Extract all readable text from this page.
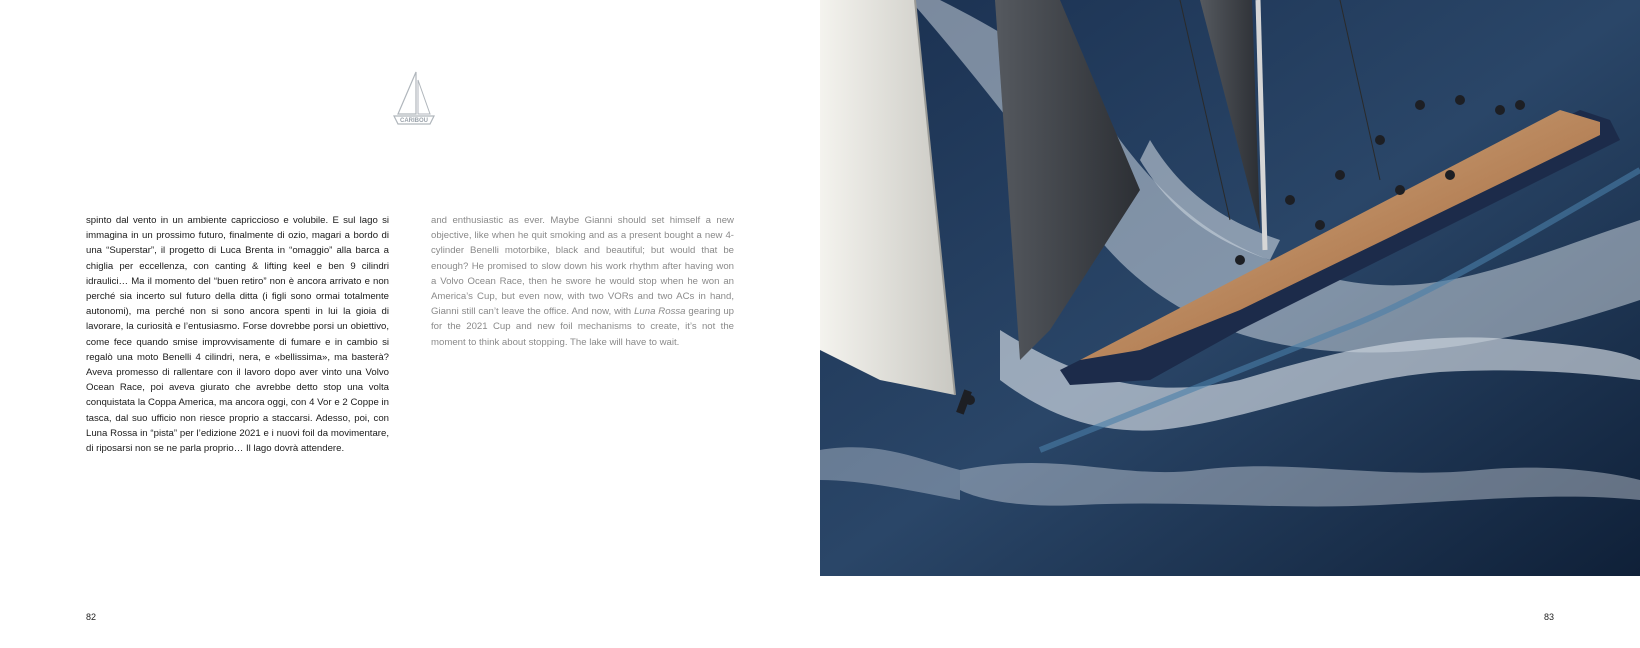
CARIBOU
spinto dal vento in un ambiente capriccioso e volubile. E sul lago si immagina in un prossimo futuro, finalmente di ozio, magari a bordo di una “Superstar”, il progetto di Luca Brenta in “omaggio” alla barca a chiglia per eccellenza, con canting & lifting keel e ben 9 cilindri idraulici… Ma il momento del “buen retiro” non è ancora arrivato e non perché sia incerto sul futuro della ditta (i figli sono ormai totalmente autonomi), ma perché non si sono ancora spenti in lui la gioia di lavorare, la curiosità e l’entusiasmo. Forse dovrebbe porsi un obiettivo, come fece quando smise improvvisamente di fumare e in cambio si regalò una moto Benelli 4 cilindri, nera, e «bellissima», ma basterà? Aveva promesso di rallentare con il lavoro dopo aver vinto una Volvo Ocean Race, poi aveva giurato che avrebbe detto stop una volta conquistata la Coppa America, ma ancora oggi, con 4 Vor e 2 Coppe in tasca, dal suo ufficio non riesce proprio a staccarsi. Adesso, poi, con Luna Rossa in “pista” per l’edizione 2021 e i nuovi foil da movimentare, di riposarsi non se ne parla proprio… Il lago dovrà attendere.
and enthusiastic as ever. Maybe Gianni should set himself a new objective, like when he quit smoking and as a present bought a new 4-cylinder Benelli motorbike, black and beautiful; but would that be enough? He promised to slow down his work rhythm after having won a Volvo Ocean Race, then he swore he would stop when he won an America’s Cup, but even now, with two VORs and two ACs in hand, Gianni still can’t leave the office. And now, with Luna Rossa gearing up for the 2021 Cup and new foil mechanisms to create, it’s not the moment to think about stopping. The lake will have to wait.
82	83
